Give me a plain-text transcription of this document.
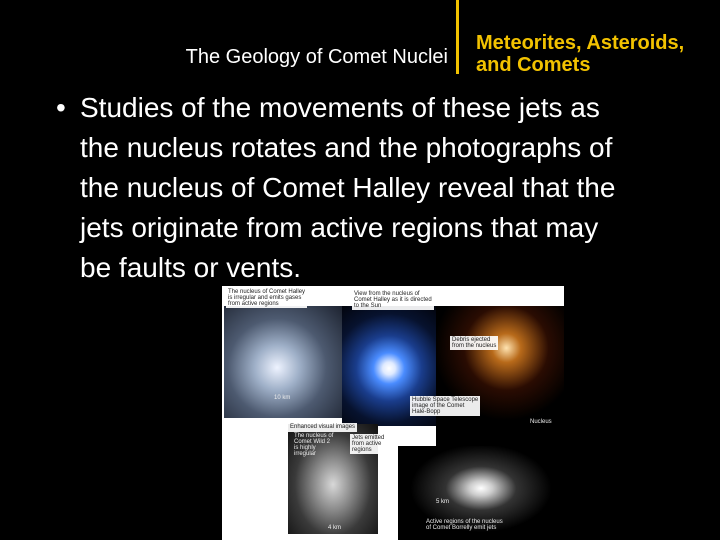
The Geology of Comet Nuclei
Meteorites, Asteroids,
and Comets
• Studies of the movements of these jets as
the nucleus rotates and the photographs of
the nucleus of Comet Halley reveal that the
jets originate from active regions that may
be faults or vents.
The nucleus of Comet Halley
is irregular and emits gases
from active regions
View from the nucleus of
Comet Halley as it is directed
to the Sun
Debris ejected
from the nucleus
10 km	Hubble Space Telescope
image of the Comet
Hale-Bopp
Nucleus
Enhanced visual images
The nucleus of
Comet Wild 2
is highly
irregular
Jets emitted
from active
regions
4 km
5 km
Active regions of the nucleus
of Comet Borrelly emit jets
